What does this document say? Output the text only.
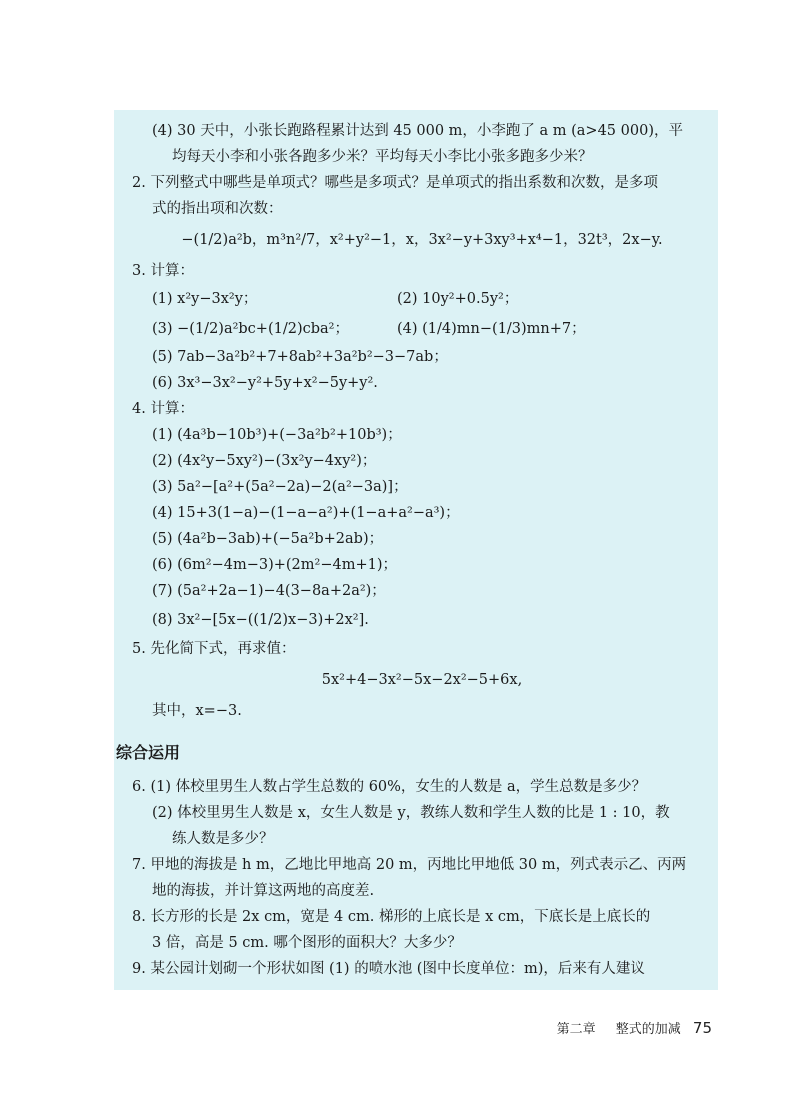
(4) 30 天中，小张长跑路程累计达到 45 000 m，小李跑了 a m (a>45 000)，平
均每天小李和小张各跑多少米？平均每天小李比小张多跑多少米？
2. 下列整式中哪些是单项式？哪些是多项式？是单项式的指出系数和次数，是多项
式的指出项和次数：
−(1/2)a²b，m³n²/7，x²+y²−1，x，3x²−y+3xy³+x⁴−1，32t³，2x−y.
3. 计算：
(1) x²y−3x²y；	(2) 10y²+0.5y²；
(3) −(1/2)a²bc+(1/2)cba²；	(4) (1/4)mn−(1/3)mn+7；
(5) 7ab−3a²b²+7+8ab²+3a²b²−3−7ab；
(6) 3x³−3x²−y²+5y+x²−5y+y².
4. 计算：
(1) (4a³b−10b³)+(−3a²b²+10b³)；
(2) (4x²y−5xy²)−(3x²y−4xy²)；
(3) 5a²−[a²+(5a²−2a)−2(a²−3a)]；
(4) 15+3(1−a)−(1−a−a²)+(1−a+a²−a³)；
(5) (4a²b−3ab)+(−5a²b+2ab)；
(6) (6m²−4m−3)+(2m²−4m+1)；
(7) (5a²+2a−1)−4(3−8a+2a²)；
(8) 3x²−[5x−((1/2)x−3)+2x²].
5. 先化简下式，再求值：
5x²+4−3x²−5x−2x²−5+6x,
其中，x=−3.
综合运用
6. (1) 体校里男生人数占学生总数的 60%，女生的人数是 a，学生总数是多少？
(2) 体校里男生人数是 x，女生人数是 y，教练人数和学生人数的比是 1 : 10，教
练人数是多少？
7. 甲地的海拔是 h m，乙地比甲地高 20 m，丙地比甲地低 30 m，列式表示乙、丙两
地的海拔，并计算这两地的高度差.
8. 长方形的长是 2x cm，宽是 4 cm. 梯形的上底长是 x cm，下底长是上底长的
3 倍，高是 5 cm. 哪个图形的面积大？大多少？
9. 某公园计划砌一个形状如图 (1) 的喷水池 (图中长度单位：m)，后来有人建议
第二章 整式的加减 75
